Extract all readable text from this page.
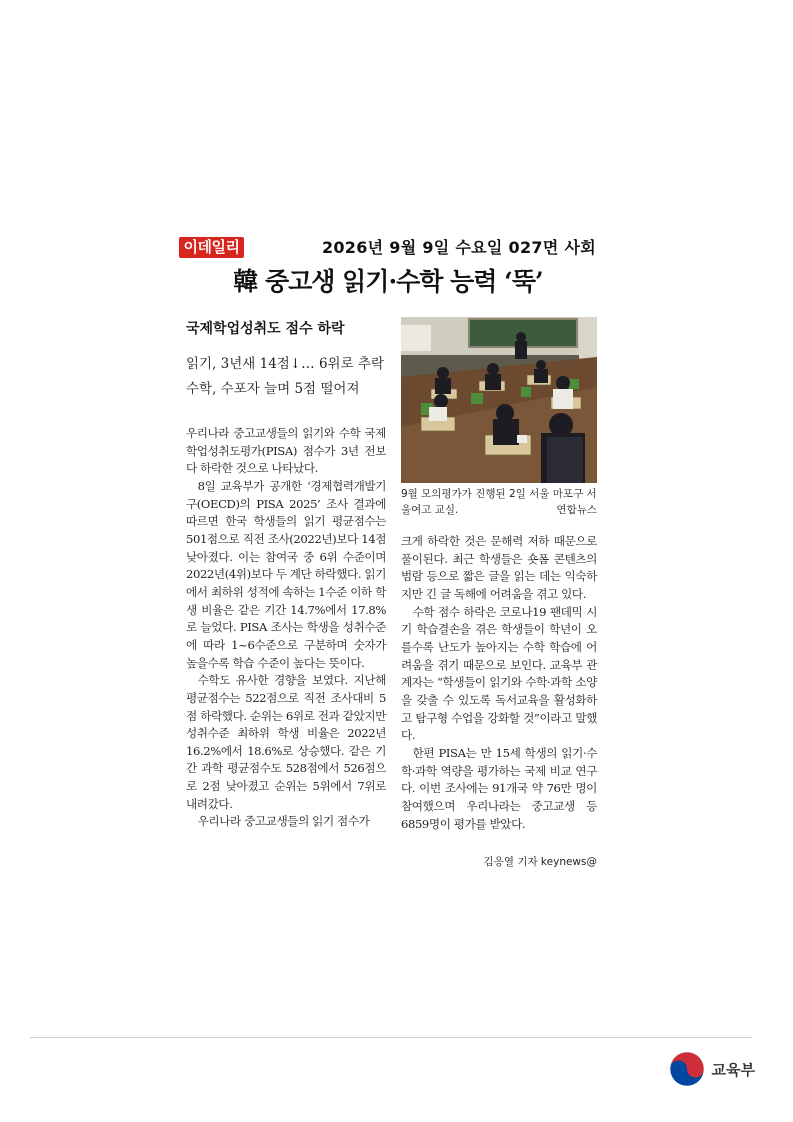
이데일리	2026년 9월 9일 수요일 027면 사회
韓 중고생 읽기·수학 능력 ‘뚝’
국제학업성취도 점수 하락
읽기, 3년새 14점↓… 6위로 추락
수학, 수포자 늘며 5점 떨어져
9월 모의평가가 진행된 2일 서울 마포구 서울여고 교실.	연합뉴스

우리나라 중고교생들의 읽기와 수학 국제학업성취도평가(PISA) 점수가 3년 전보다 하락한 것으로 나타났다.

8일 교육부가 공개한 ‘경제협력개발기구(OECD)의 PISA 2025’ 조사 결과에 따르면 한국 학생들의 읽기 평균점수는 501점으로 직전 조사(2022년)보다 14점 낮아졌다. 이는 참여국 중 6위 수준이며 2022년(4위)보다 두 계단 하락했다. 읽기에서 최하위 성적에 속하는 1수준 이하 학생 비율은 같은 기간 14.7%에서 17.8%로 늘었다. PISA 조사는 학생을 성취수준에 따라 1~6수준으로 구분하며 숫자가 높을수록 학습 수준이 높다는 뜻이다.

수학도 유사한 경향을 보였다. 지난해 평균점수는 522점으로 직전 조사대비 5점 하락했다. 순위는 6위로 전과 같았지만 성취수준 최하위 학생 비율은 2022년 16.2%에서 18.6%로 상승했다. 같은 기간 과학 평균점수도 528점에서 526점으로 2점 낮아졌고 순위는 5위에서 7위로 내려갔다.

우리나라 중고교생들의 읽기 점수가

크게 하락한 것은 문해력 저하 때문으로 풀이된다. 최근 학생들은 숏폼 콘텐츠의 범람 등으로 짧은 글을 읽는 데는 익숙하지만 긴 글 독해에 어려움을 겪고 있다.

수학 점수 하락은 코로나19 팬데믹 시기 학습결손을 겪은 학생들이 학년이 오를수록 난도가 높아지는 수학 학습에 어려움을 겪기 때문으로 보인다. 교육부 관계자는 “학생들이 읽기와 수학·과학 소양을 갖출 수 있도록 독서교육을 활성화하고 탐구형 수업을 강화할 것”이라고 말했다.

한편 PISA는 만 15세 학생의 읽기·수학·과학 역량을 평가하는 국제 비교 연구다. 이번 조사에는 91개국 약 76만 명이 참여했으며 우리나라는 중고교생 등 6859명이 평가를 받았다.

김응열 기자 keynews@
교육부
